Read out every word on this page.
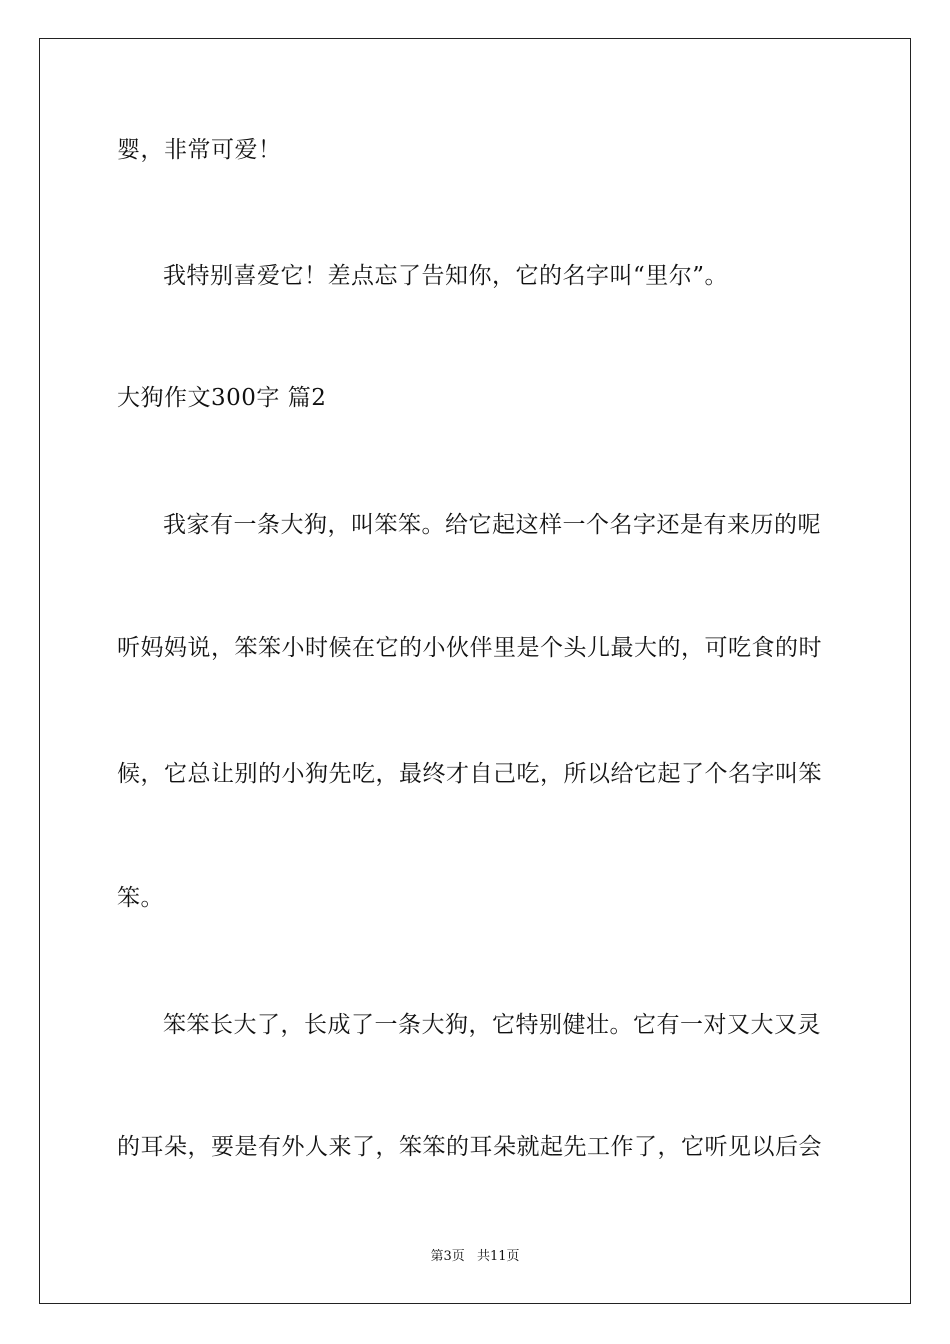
婴，非常可爱！
我特别喜爱它！差点忘了告知你，它的名字叫“里尔”。
大狗作文300字 篇2
我家有一条大狗，叫笨笨。给它起这样一个名字还是有来历的呢
听妈妈说，笨笨小时候在它的小伙伴里是个头儿最大的，可吃食的时
候，它总让别的小狗先吃，最终才自己吃，所以给它起了个名字叫笨
笨。
笨笨长大了，长成了一条大狗，它特别健壮。它有一对又大又灵
的耳朵，要是有外人来了，笨笨的耳朵就起先工作了，它听见以后会
第3页 共11页
